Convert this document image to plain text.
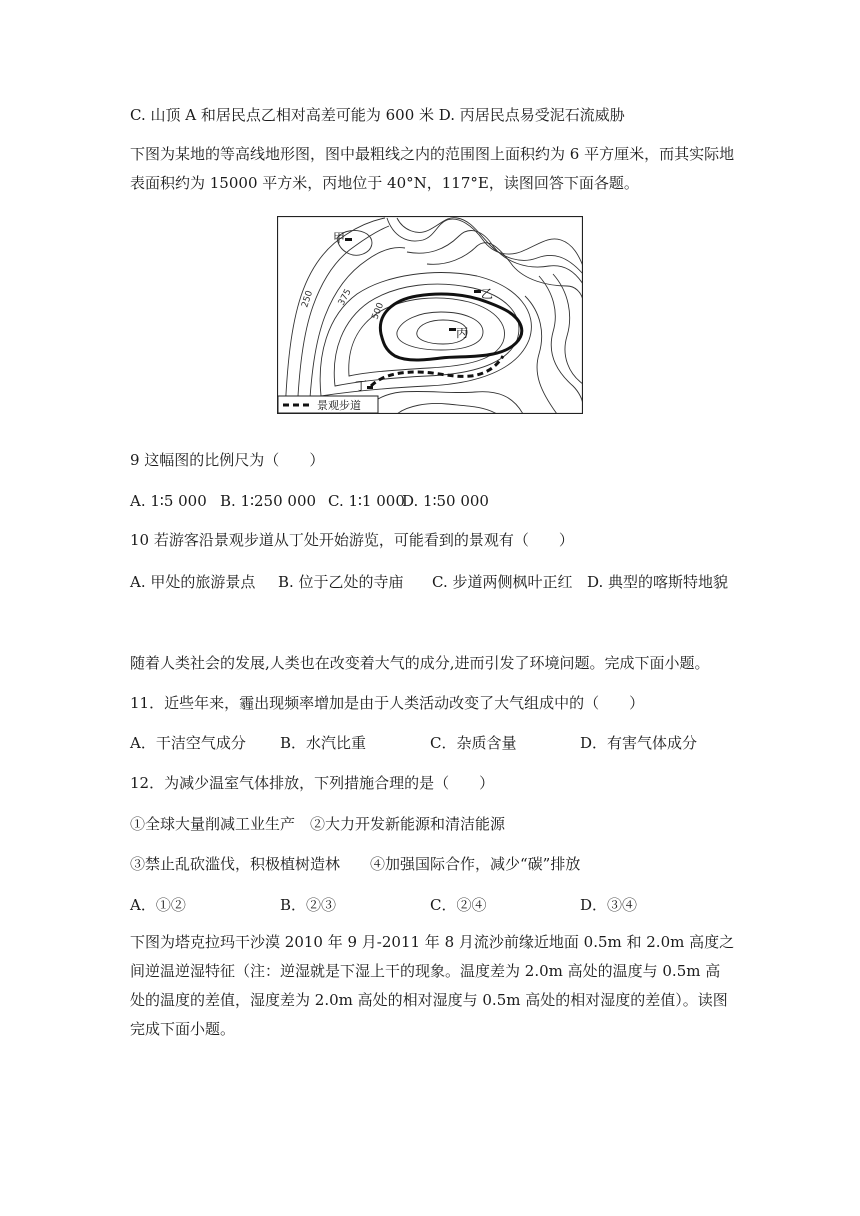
C. 山顶 A 和居民点乙相对高差可能为 600 米 D. 丙居民点易受泥石流威胁
下图为某地的等高线地形图，图中最粗线之内的范围图上面积约为 6 平方厘米，而其实际地表面积约为 15000 平方米，丙地位于 40°N，117°E，读图回答下面各题。
250 375
500
甲
乙
丙
丁
景观步道
9 这幅图的比例尺为（　　）
A. 1∶5 000 B. 1∶250 000 C. 1∶1 000
D. 1∶50 000
10 若游客沿景观步道从丁处开始游览，可能看到的景观有（　　）
A. 甲处的旅游景点 B. 位于乙处的寺庙 C. 步道两侧枫叶正红 D. 典型的喀斯特地貌
随着人类社会的发展,人类也在改变着大气的成分,进而引发了环境问题。完成下面小题。
11．近些年来，霾出现频率增加是由于人类活动改变了大气组成中的（　　）
A．干洁空气成分 B．水汽比重	C．杂质含量	D．有害气体成分
12．为减少温室气体排放，下列措施合理的是（　　）
①全球大量削减工业生产　②大力开发新能源和清洁能源
③禁止乱砍滥伐，积极植树造林　　④加强国际合作，减少“碳”排放
A．①②	B．②③	C．②④	D．③④
下图为塔克拉玛干沙漠 2010 年 9 月-2011 年 8 月流沙前缘近地面 0.5m 和 2.0m 高度之间逆温逆湿特征（注：逆湿就是下湿上干的现象。温度差为 2.0m 高处的温度与 0.5m 高处的温度的差值，湿度差为 2.0m 高处的相对湿度与 0.5m 高处的相对湿度的差值）。读图完成下面小题。
